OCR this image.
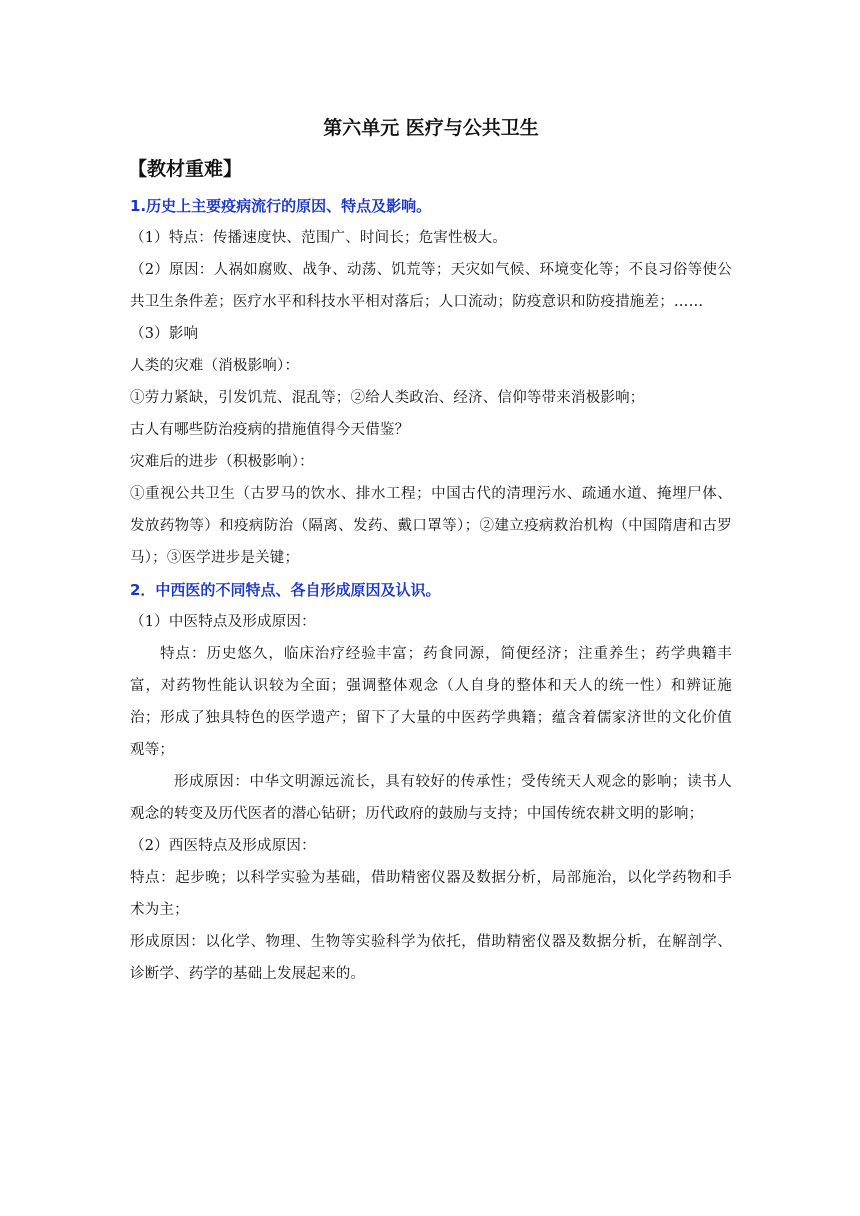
第六单元 医疗与公共卫生
【教材重难】
1.历史上主要疫病流行的原因、特点及影响。

（1）特点：传播速度快、范围广、时间长；危害性极大。

（2）原因：人祸如腐败、战争、动荡、饥荒等；天灾如气候、环境变化等；不良习俗等使公共卫生条件差；医疗水平和科技水平相对落后；人口流动；防疫意识和防疫措施差；……

（3）影响

人类的灾难（消极影响）：

①劳力紧缺，引发饥荒、混乱等；②给人类政治、经济、信仰等带来消极影响；

古人有哪些防治疫病的措施值得今天借鉴？

灾难后的进步（积极影响）：

①重视公共卫生（古罗马的饮水、排水工程；中国古代的清理污水、疏通水道、掩埋尸体、发放药物等）和疫病防治（隔离、发药、戴口罩等）；②建立疫病救治机构（中国隋唐和古罗马）；③医学进步是关键；

2．中西医的不同特点、各自形成原因及认识。

（1）中医特点及形成原因：

特点：历史悠久，临床治疗经验丰富；药食同源，简便经济；注重养生；药学典籍丰富，对药物性能认识较为全面；强调整体观念（人自身的整体和天人的统一性）和辨证施治；形成了独具特色的医学遗产；留下了大量的中医药学典籍；蕴含着儒家济世的文化价值观等；

形成原因：中华文明源远流长，具有较好的传承性；受传统天人观念的影响；读书人观念的转变及历代医者的潜心钻研；历代政府的鼓励与支持；中国传统农耕文明的影响；

（2）西医特点及形成原因：

特点：起步晚；以科学实验为基础，借助精密仪器及数据分析，局部施治，以化学药物和手术为主；

形成原因：以化学、物理、生物等实验科学为依托，借助精密仪器及数据分析，在解剖学、诊断学、药学的基础上发展起来的。
